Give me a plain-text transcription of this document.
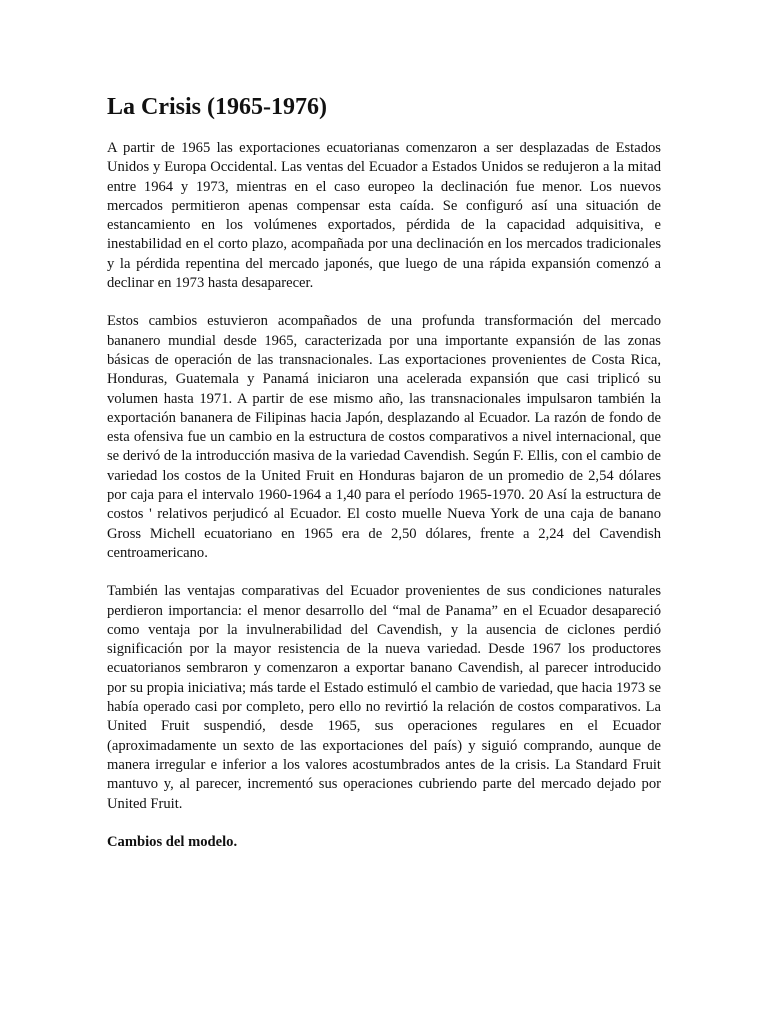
La Crisis (1965-1976)

A partir de 1965 las exportaciones ecuatorianas comenzaron a ser desplazadas de Estados Unidos y Europa Occidental. Las ventas del Ecuador a Estados Unidos se redujeron a la mitad entre 1964 y 1973, mientras en el caso europeo la declinación fue menor. Los nuevos mercados permitieron apenas compensar esta caída. Se configuró así una situación de estancamiento en los volúmenes exportados, pérdida de la capacidad adquisitiva, e inestabilidad en el corto plazo, acompañada por una declinación en los mercados tradicionales y la pérdida repentina del mercado japonés, que luego de una rápida expansión comenzó a declinar en 1973 hasta desaparecer.

Estos cambios estuvieron acompañados de una profunda transformación del mercado bananero mundial desde 1965, caracterizada por una importante expansión de las zonas básicas de operación de las transnacionales. Las exportaciones provenientes de Costa Rica, Honduras, Guatemala y Panamá iniciaron una acelerada expansión que casi triplicó su volumen hasta 1971. A partir de ese mismo año, las transnacionales impulsaron también la exportación bananera de Filipinas hacia Japón, desplazando al Ecuador. La razón de fondo de esta ofensiva fue un cambio en la estructura de costos comparativos a nivel internacional, que se derivó de la introducción masiva de la variedad Cavendish. Según F. Ellis, con el cambio de variedad los costos de la United Fruit en Honduras bajaron de un promedio de 2,54 dólares por caja para el intervalo 1960-1964 a 1,40 para el período 1965-1970. 20 Así la estructura de costos ' relativos perjudicó al Ecuador. El costo muelle Nueva York de una caja de banano Gross Michell ecuatoriano en 1965 era de 2,50 dólares, frente a 2,24 del Cavendish centroamericano.

También las ventajas comparativas del Ecuador provenientes de sus condiciones naturales perdieron importancia: el menor desarrollo del “mal de Panama” en el Ecuador desapareció como ventaja por la invulnerabilidad del Cavendish, y la ausencia de ciclones perdió significación por la mayor resistencia de la nueva variedad. Desde 1967 los productores ecuatorianos sembraron y comenzaron a exportar banano Cavendish, al parecer introducido por su propia iniciativa; más tarde el Estado estimuló el cambio de variedad, que hacia 1973 se había operado casi por completo, pero ello no revirtió la relación de costos comparativos. La United Fruit suspendió, desde 1965, sus operaciones regulares en el Ecuador (aproximadamente un sexto de las exportaciones del país) y siguió comprando, aunque de manera irregular e inferior a los valores acostumbrados antes de la crisis. La Standard Fruit mantuvo y, al parecer, incrementó sus operaciones cubriendo parte del mercado dejado por United Fruit.

Cambios del modelo.
